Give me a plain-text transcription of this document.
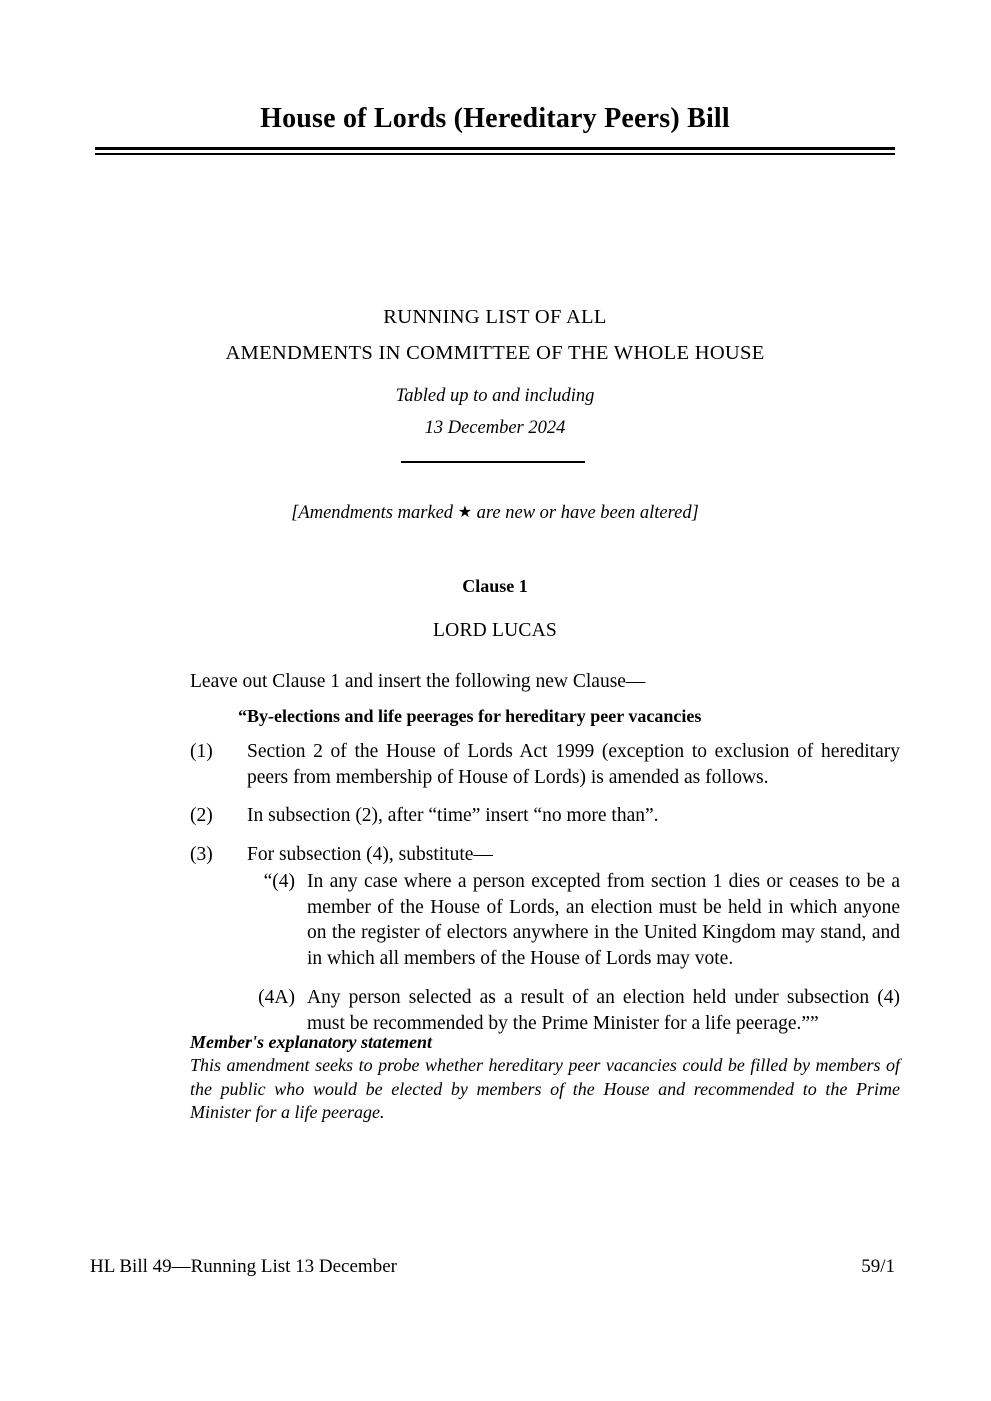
House of Lords (Hereditary Peers) Bill
RUNNING LIST OF ALL
AMENDMENTS IN COMMITTEE OF THE WHOLE HOUSE
Tabled up to and including
13 December 2024
[Amendments marked ★ are new or have been altered]
Clause 1
LORD LUCAS
Leave out Clause 1 and insert the following new Clause—
“By-elections and life peerages for hereditary peer vacancies
(1)	Section 2 of the House of Lords Act 1999 (exception to exclusion of hereditary peers from membership of House of Lords) is amended as follows.
(2)	In subsection (2), after “time” insert “no more than”.
(3)	For subsection (4), substitute—
“(4) In any case where a person excepted from section 1 dies or ceases to be a member of the House of Lords, an election must be held in which anyone on the register of electors anywhere in the United Kingdom may stand, and in which all members of the House of Lords may vote.
(4A) Any person selected as a result of an election held under subsection (4) must be recommended by the Prime Minister for a life peerage.””
Member's explanatory statement
This amendment seeks to probe whether hereditary peer vacancies could be filled by members of the public who would be elected by members of the House and recommended to the Prime Minister for a life peerage.
HL Bill 49—Running List 13 December	59/1
